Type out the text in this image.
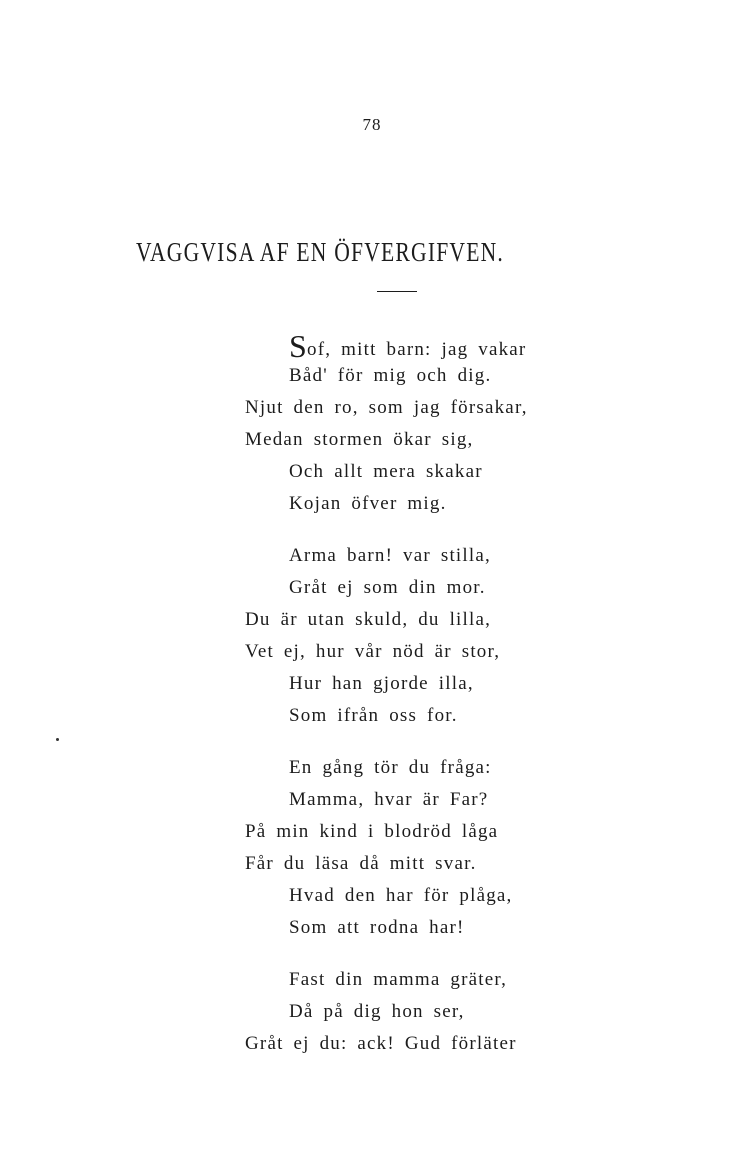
78
VAGGVISA AF EN ÖFVERGIFVEN.
Sof, mitt barn: jag vakar
Båd' för mig och dig.
Njut den ro, som jag försakar,
Medan stormen ökar sig,
Och allt mera skakar
Kojan öfver mig.
Arma barn! var stilla,
Gråt ej som din mor.
Du är utan skuld, du lilla,
Vet ej, hur vår nöd är stor,
Hur han gjorde illa,
Som ifrån oss for.
En gång tör du fråga:
Mamma, hvar är Far?
På min kind i blodröd låga
Får du läsa då mitt svar.
Hvad den har för plåga,
Som att rodna har!
Fast din mamma gräter,
Då på dig hon ser,
Gråt ej du: ack! Gud förläter
